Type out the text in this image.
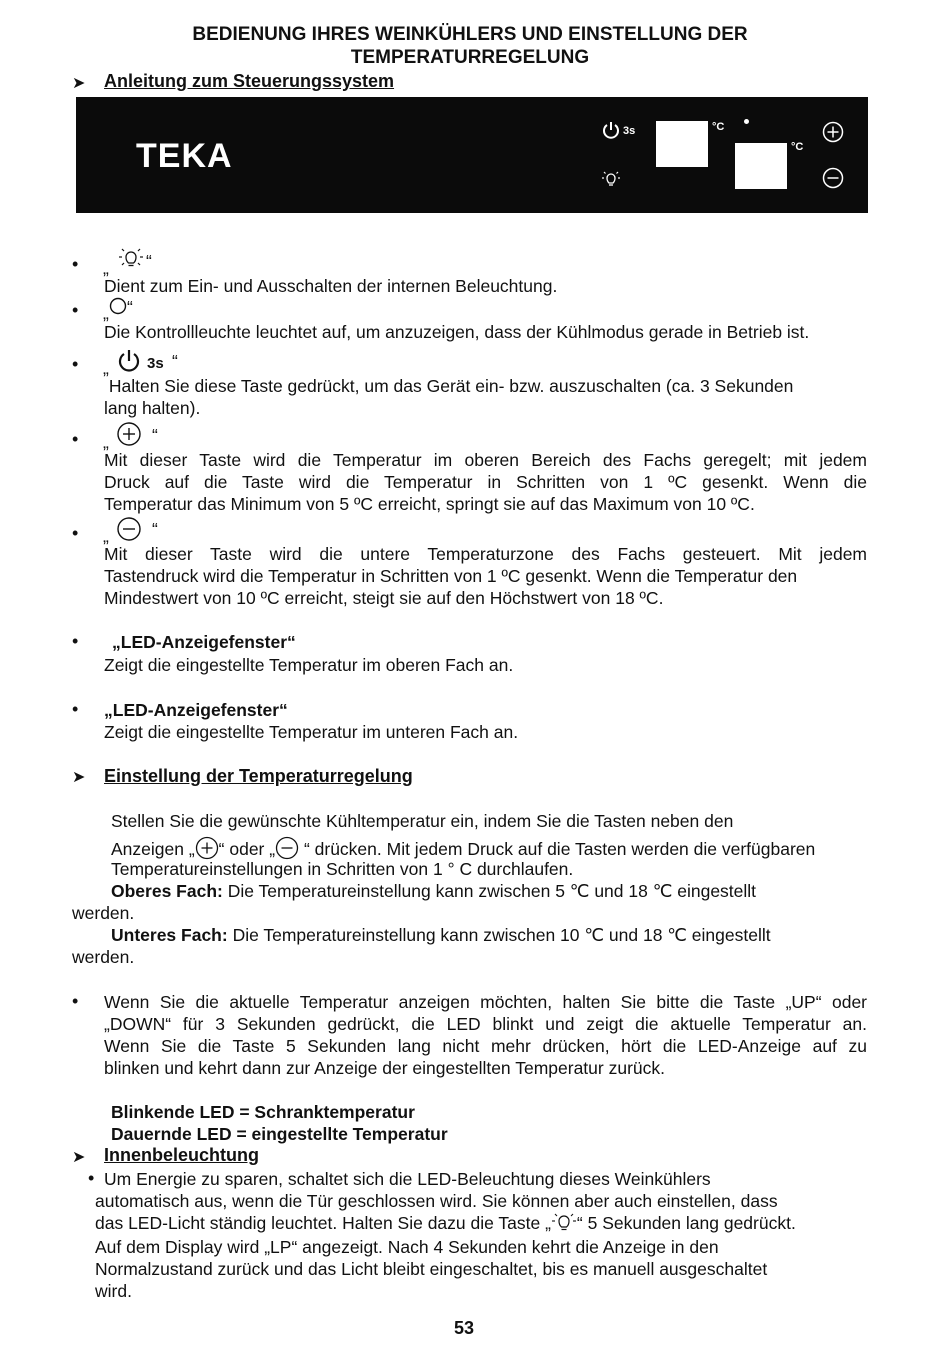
BEDIENUNG IHRES WEINKÜHLERS UND EINSTELLUNG DER
TEMPERATURREGELUNG
➤ Anleitung zum Steuerungssystem
TEKA
3s	°C
°C
• „ “
Dient zum Ein- und Ausschalten der internen Beleuchtung.
• „ “
Die Kontrollleuchte leuchtet auf, um anzuzeigen, dass der Kühlmodus gerade in Betrieb ist.
• „	3s “
Halten Sie diese Taste gedrückt, um das Gerät ein- bzw. auszuschalten (ca. 3 Sekunden
lang halten).
• „ “
Mit dieser Taste wird die Temperatur im oberen Bereich des Fachs geregelt; mit jedem
Druck auf die Taste wird die Temperatur in Schritten von 1 ºC gesenkt. Wenn die
Temperatur das Minimum von 5 ºC erreicht, springt sie auf das Maximum von 10 ºC.
• „ “
Mit dieser Taste wird die untere Temperaturzone des Fachs gesteuert. Mit jedem
Tastendruck wird die Temperatur in Schritten von 1 ºC gesenkt. Wenn die Temperatur den
Mindestwert von 10 ºC erreicht, steigt sie auf den Höchstwert von 18 ºC.
• „LED-Anzeigefenster“
Zeigt die eingestellte Temperatur im oberen Fach an.
• „LED-Anzeigefenster“
Zeigt die eingestellte Temperatur im unteren Fach an.
➤ Einstellung der Temperaturregelung
Stellen Sie die gewünschte Kühltemperatur ein, indem Sie die Tasten neben den
Anzeigen „ “ oder „ “ drücken. Mit jedem Druck auf die Tasten werden die verfügbaren
Temperatureinstellungen in Schritten von 1 ° C durchlaufen.
Oberes Fach: Die Temperatureinstellung kann zwischen 5 ℃ und 18 ℃ eingestellt
werden.
Unteres Fach: Die Temperatureinstellung kann zwischen 10 ℃ und 18 ℃ eingestellt
werden.
• Wenn Sie die aktuelle Temperatur anzeigen möchten, halten Sie bitte die Taste „UP“ oder
„DOWN“ für 3 Sekunden gedrückt, die LED blinkt und zeigt die aktuelle Temperatur an.
Wenn Sie die Taste 5 Sekunden lang nicht mehr drücken, hört die LED-Anzeige auf zu
blinken und kehrt dann zur Anzeige der eingestellten Temperatur zurück.
Blinkende LED = Schranktemperatur
Dauernde LED = eingestellte Temperatur
➤ Innenbeleuchtung
• Um Energie zu sparen, schaltet sich die LED-Beleuchtung dieses Weinkühlers
automatisch aus, wenn die Tür geschlossen wird. Sie können aber auch einstellen, dass
das LED-Licht ständig leuchtet. Halten Sie dazu die Taste „ “ 5 Sekunden lang gedrückt.
Auf dem Display wird „LP“ angezeigt. Nach 4 Sekunden kehrt die Anzeige in den
Normalzustand zurück und das Licht bleibt eingeschaltet, bis es manuell ausgeschaltet
wird.
53
